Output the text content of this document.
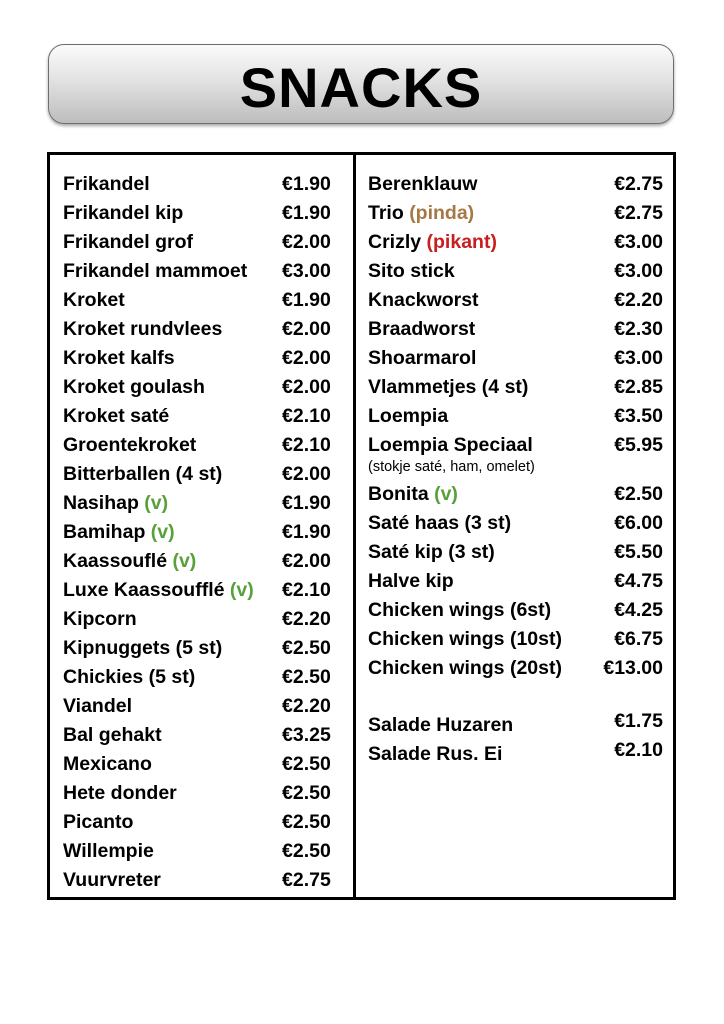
SNACKS
Frikandel	€1.90
Frikandel kip	€1.90
Frikandel grof	€2.00
Frikandel mammoet €3.00
Kroket	€1.90
Kroket rundvlees	€2.00
Kroket kalfs	€2.00
Kroket goulash	€2.00
Kroket saté	€2.10
Groentekroket	€2.10
Bitterballen (4 st)	€2.00
Nasihap (v)	€1.90
Bamihap (v)	€1.90
Kaassouflé (v)	€2.00
Luxe Kaassoufflé (v) €2.10
Kipcorn	€2.20
Kipnuggets (5 st)	€2.50
Chickies (5 st)	€2.50
Viandel	€2.20
Bal gehakt	€3.25
Mexicano	€2.50
Hete donder	€2.50
Picanto	€2.50
Willempie	€2.50
Vuurvreter	€2.75
Berenklauw	€2.75
Trio (pinda)	€2.75
Crizly (pikant)	€3.00
Sito stick	€3.00
Knackworst	€2.20
Braadworst	€2.30
Shoarmarol	€3.00
Vlammetjes (4 st)	€2.85
Loempia	€3.50
Loempia Speciaal	€5.95
(stokje saté, ham, omelet)
Bonita (v)	€2.50
Saté haas (3 st)	€6.00
Saté kip (3 st)	€5.50
Halve kip	€4.75
Chicken wings (6st)	€4.25
Chicken wings (10st)	€6.75
Chicken wings (20st) €13.00
Salade Huzaren	€1.75
Salade Rus. Ei	€2.10
